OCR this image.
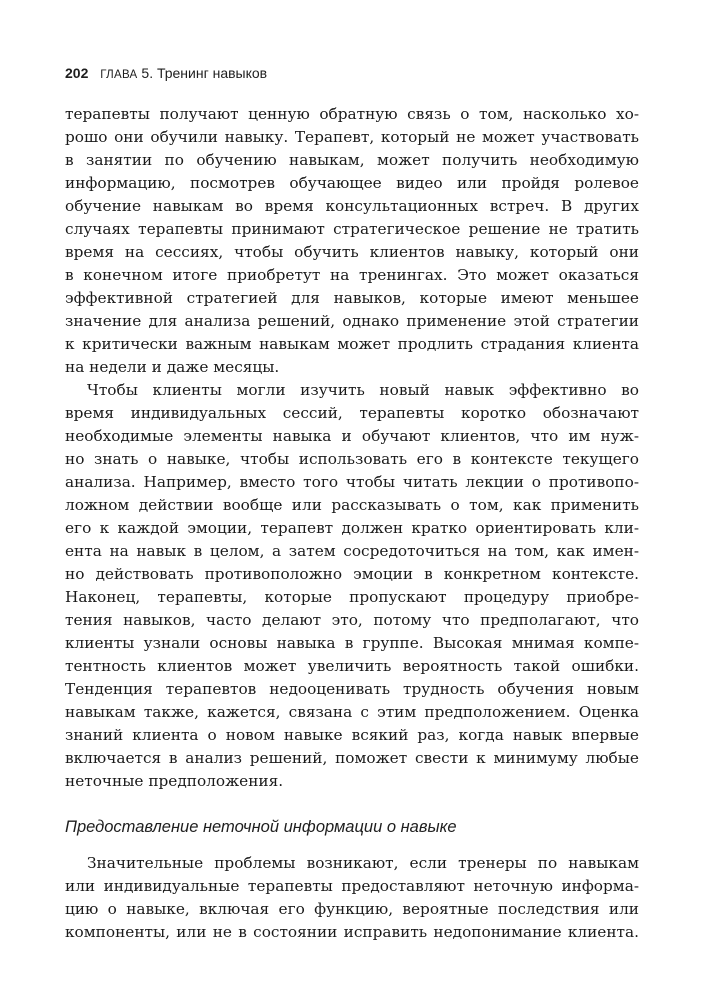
202 ГЛАВА 5. Тренинг навыков
терапевты получают ценную обратную связь о том, насколько хо-
рошо они обучили навыку. Терапевт, который не может участвовать
в занятии по обучению навыкам, может получить необходимую
информацию, посмотрев обучающее видео или пройдя ролевое
обучение навыкам во время консультационных встреч. В других
случаях терапевты принимают стратегическое решение не тратить
время на сессиях, чтобы обучить клиентов навыку, который они
в конечном итоге приобретут на тренингах. Это может оказаться
эффективной стратегией для навыков, которые имеют меньшее
значение для анализа решений, однако применение этой стратегии
к критически важным навыкам может продлить страдания клиента
на недели и даже месяцы.
Чтобы клиенты могли изучить новый навык эффективно во
время индивидуальных сессий, терапевты коротко обозначают
необходимые элементы навыка и обучают клиентов, что им нуж-
но знать о навыке, чтобы использовать его в контексте текущего
анализа. Например, вместо того чтобы читать лекции о противопо-
ложном действии вообще или рассказывать о том, как применить
его к каждой эмоции, терапевт должен кратко ориентировать кли-
ента на навык в целом, а затем сосредоточиться на том, как имен-
но действовать противоположно эмоции в конкретном контексте.
Наконец, терапевты, которые пропускают процедуру приобре-
тения навыков, часто делают это, потому что предполагают, что
клиенты узнали основы навыка в группе. Высокая мнимая компе-
тентность клиентов может увеличить вероятность такой ошибки.
Тенденция терапевтов недооценивать трудность обучения новым
навыкам также, кажется, связана с этим предположением. Оценка
знаний клиента о новом навыке всякий раз, когда навык впервые
включается в анализ решений, поможет свести к минимуму любые
неточные предположения.
Предоставление неточной информации о навыке
Значительные проблемы возникают, если тренеры по навыкам
или индивидуальные терапевты предоставляют неточную информа-
цию о навыке, включая его функцию, вероятные последствия или
компоненты, или не в состоянии исправить недопонимание клиента.
